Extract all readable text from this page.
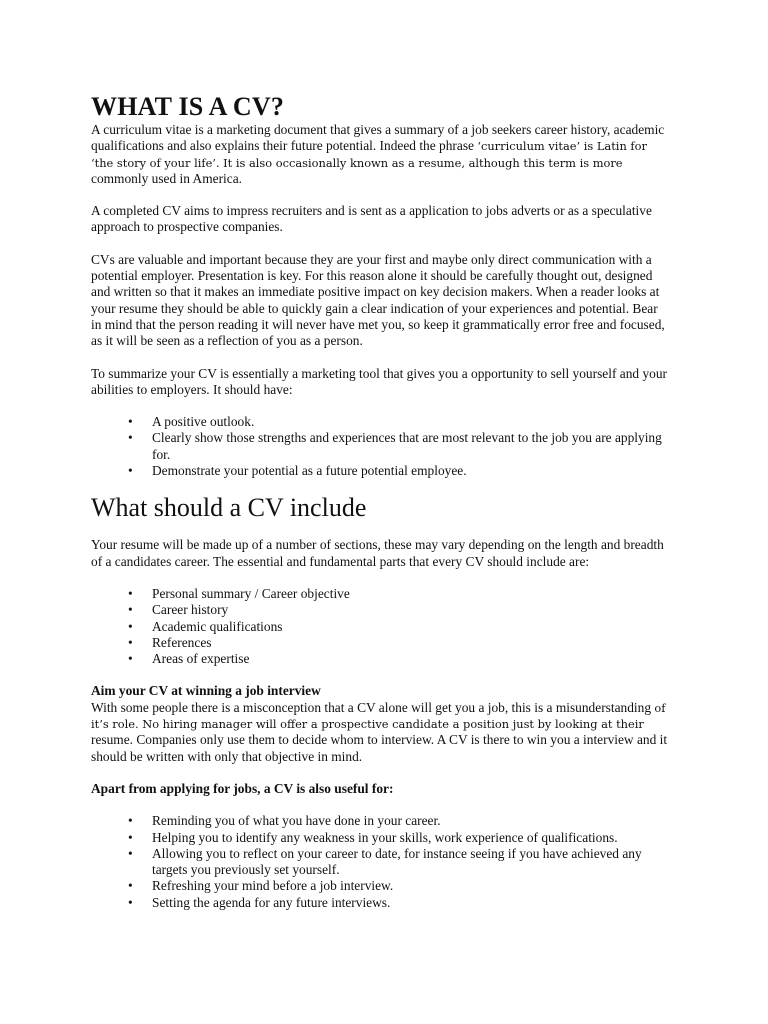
WHAT IS A CV?

A curriculum vitae is a marketing document that gives a summary of a job seekers career history, academic qualifications and also explains their future potential. Indeed the phrase ‘curriculum vitae’ is Latin for ‘the story of your life’. It is also occasionally known as a resume, although this term is more commonly used in America.

A completed CV aims to impress recruiters and is sent as a application to jobs adverts or as a speculative approach to prospective companies.

CVs are valuable and important because they are your first and maybe only direct communication with a potential employer. Presentation is key. For this reason alone it should be carefully thought out, designed and written so that it makes an immediate positive impact on key decision makers. When a reader looks at your resume they should be able to quickly gain a clear indication of your experiences and potential. Bear in mind that the person reading it will never have met you, so keep it grammatically error free and focused, as it will be seen as a reflection of you as a person.

To summarize your CV is essentially a marketing tool that gives you a opportunity to sell yourself and your abilities to employers. It should have:

• A positive outlook.
• Clearly show those strengths and experiences that are most relevant to the job you are applying for.
• Demonstrate your potential as a future potential employee.
What should a CV include

Your resume will be made up of a number of sections, these may vary depending on the length and breadth of a candidates career. The essential and fundamental parts that every CV should include are:

• Personal summary / Career objective
• Career history
• Academic qualifications
• References
• Areas of expertise

Aim your CV at winning a job interview

With some people there is a misconception that a CV alone will get you a job, this is a misunderstanding of it’s role. No hiring manager will offer a prospective candidate a position just by looking at their resume. Companies only use them to decide whom to interview. A CV is there to win you a interview and it should be written with only that objective in mind.

Apart from applying for jobs, a CV is also useful for:

• Reminding you of what you have done in your career.
• Helping you to identify any weakness in your skills, work experience of qualifications.
• Allowing you to reflect on your career to date, for instance seeing if you have achieved any targets you previously set yourself.
• Refreshing your mind before a job interview.
• Setting the agenda for any future interviews.
